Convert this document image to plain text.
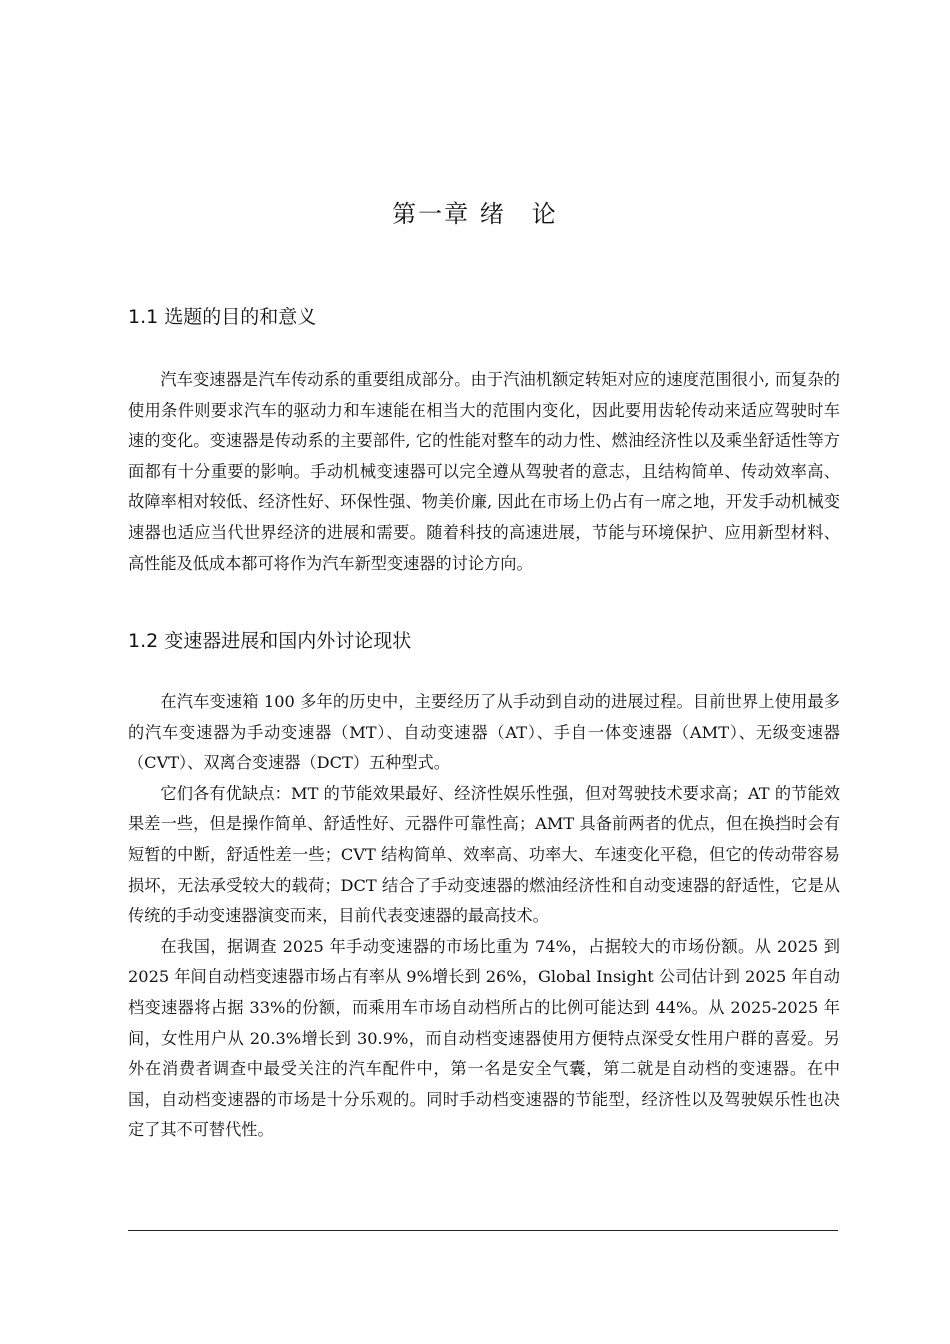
第一章 绪　论
1.1 选题的目的和意义

汽车变速器是汽车传动系的重要组成部分。由于汽油机额定转矩对应的速度范围很小, 而复杂的使用条件则要求汽车的驱动力和车速能在相当大的范围内变化，因此要用齿轮传动来适应驾驶时车速的变化。变速器是传动系的主要部件, 它的性能对整车的动力性、燃油经济性以及乘坐舒适性等方面都有十分重要的影响。手动机械变速器可以完全遵从驾驶者的意志，且结构简单、传动效率高、故障率相对较低、经济性好、环保性强、物美价廉, 因此在市场上仍占有一席之地，开发手动机械变速器也适应当代世界经济的进展和需要。随着科技的高速进展，节能与环境保护、应用新型材料、高性能及低成本都可将作为汽车新型变速器的讨论方向。

1.2 变速器进展和国内外讨论现状

在汽车变速箱 100 多年的历史中，主要经历了从手动到自动的进展过程。目前世界上使用最多的汽车变速器为手动变速器（MT）、自动变速器（AT）、手自一体变速器（AMT）、无级变速器（CVT）、双离合变速器（DCT）五种型式。

它们各有优缺点：MT 的节能效果最好、经济性娱乐性强，但对驾驶技术要求高；AT 的节能效果差一些，但是操作简单、舒适性好、元器件可靠性高；AMT 具备前两者的优点，但在换挡时会有短暂的中断，舒适性差一些；CVT 结构简单、效率高、功率大、车速变化平稳，但它的传动带容易损坏，无法承受较大的载荷；DCT 结合了手动变速器的燃油经济性和自动变速器的舒适性，它是从传统的手动变速器演变而来，目前代表变速器的最高技术。

在我国，据调查 2025 年手动变速器的市场比重为 74%，占据较大的市场份额。从 2025 到 2025 年间自动档变速器市场占有率从 9%增长到 26%，Global Insight 公司估计到 2025 年自动档变速器将占据 33%的份额，而乘用车市场自动档所占的比例可能达到 44%。从 2025-2025 年间，女性用户从 20.3%增长到 30.9%，而自动档变速器使用方便特点深受女性用户群的喜爱。另外在消费者调查中最受关注的汽车配件中，第一名是安全气囊，第二就是自动档的变速器。在中国，自动档变速器的市场是十分乐观的。同时手动档变速器的节能型，经济性以及驾驶娱乐性也决定了其不可替代性。
